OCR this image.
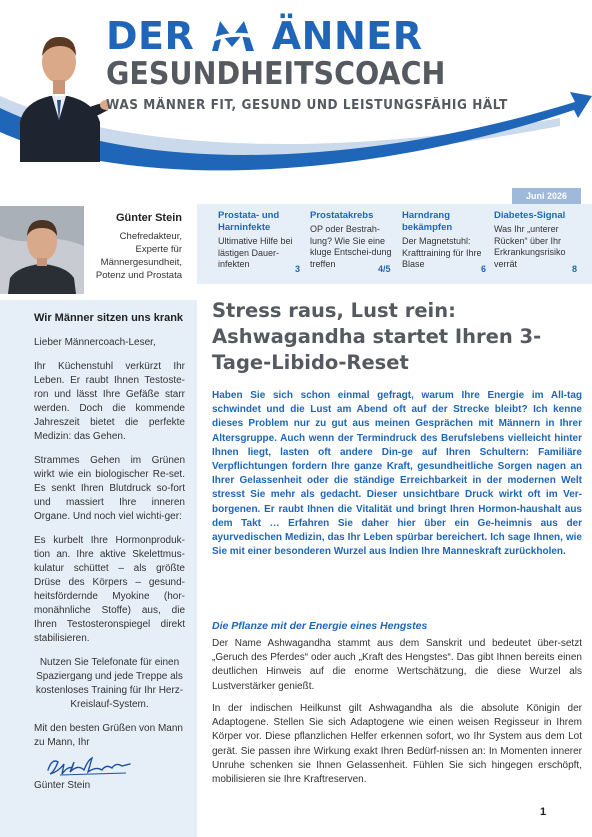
DER ÄNNER
GESUNDHEITSCOACH
WAS MÄNNER FIT, GESUND UND LEISTUNGSFÄHIG HÄLT
Juni 2026
Prostata- und Harninfekte
Ultimative Hilfe bei lästigen Dauer-infekten	3
Prostatakrebs
OP oder Bestrah-lung? Wie Sie eine kluge Entschei-dung treffen
4/5
Harndrang bekämpfen
Der Magnetstuhl: Krafttraining für Ihre Blase	6
Diabetes-Signal
Was Ihr „unterer Rücken“ über Ihr Erkrankungsrisiko verrät
8
Günter Stein
Chefredakteur,
Experte für
Männergesundheit,
Potenz und Prostata
Wir Männer sitzen uns krank
Lieber Männercoach-Leser,
Ihr Küchenstuhl verkürzt Ihr Leben. Er raubt Ihnen Testoste-ron und lässt Ihre Gefäße starr werden. Doch die kommende Jahreszeit bietet die perfekte Medizin: das Gehen.
Strammes Gehen im Grünen wirkt wie ein biologischer Re-set. Es senkt Ihren Blutdruck so-fort und massiert Ihre inneren Organe. Und noch viel wichti-ger:
Es kurbelt Ihre Hormonproduk-tion an. Ihre aktive Skelettmus-kulatur schüttet – als größte Drüse des Körpers – gesund-heitsfördernde Myokine (hor-monähnliche Stoffe) aus, die Ihren Testosteronspiegel direkt stabilisieren.
Nutzen Sie Telefonate für einen Spaziergang und jede Treppe als kostenloses Training für Ihr Herz-Kreislauf-System.
Mit den besten Grüßen von Mann zu Mann, Ihr
Günter Stein
Stress raus, Lust rein: Ashwagandha startet Ihren 3-Tage-Libido-Reset

Haben Sie sich schon einmal gefragt, warum Ihre Energie im All-tag schwindet und die Lust am Abend oft auf der Strecke bleibt? Ich kenne dieses Problem nur zu gut aus meinen Gesprächen mit Männern in Ihrer Altersgruppe. Auch wenn der Termindruck des Berufslebens vielleicht hinter Ihnen liegt, lasten oft andere Din-ge auf Ihren Schultern: Familiäre Verpflichtungen fordern Ihre ganze Kraft, gesundheitliche Sorgen nagen an Ihrer Gelassenheit oder die ständige Erreichbarkeit in der modernen Welt stresst Sie mehr als gedacht. Dieser unsichtbare Druck wirkt oft im Ver-borgenen. Er raubt Ihnen die Vitalität und bringt Ihren Hormon-haushalt aus dem Takt … Erfahren Sie daher hier über ein Ge-heimnis aus der ayurvedischen Medizin, das Ihr Leben spürbar bereichert. Ich sage Ihnen, wie Sie mit einer besonderen Wurzel aus Indien Ihre Manneskraft zurückholen.

Die Pflanze mit der Energie eines Hengstes

Der Name Ashwagandha stammt aus dem Sanskrit und bedeutet über-setzt „Geruch des Pferdes“ oder auch „Kraft des Hengstes“. Das gibt Ihnen bereits einen deutlichen Hinweis auf die enorme Wertschätzung, die diese Wurzel als Lustverstärker genießt.

In der indischen Heilkunst gilt Ashwagandha als die absolute Königin der Adaptogene. Stellen Sie sich Adaptogene wie einen weisen Regisseur in Ihrem Körper vor. Diese pflanzlichen Helfer erkennen sofort, wo Ihr System aus dem Lot gerät. Sie passen ihre Wirkung exakt Ihren Bedürf-nissen an: In Momenten innerer Unruhe schenken sie Ihnen Gelassenheit. Fühlen Sie sich hingegen erschöpft, mobilisieren sie Ihre Kraftreserven.

1
